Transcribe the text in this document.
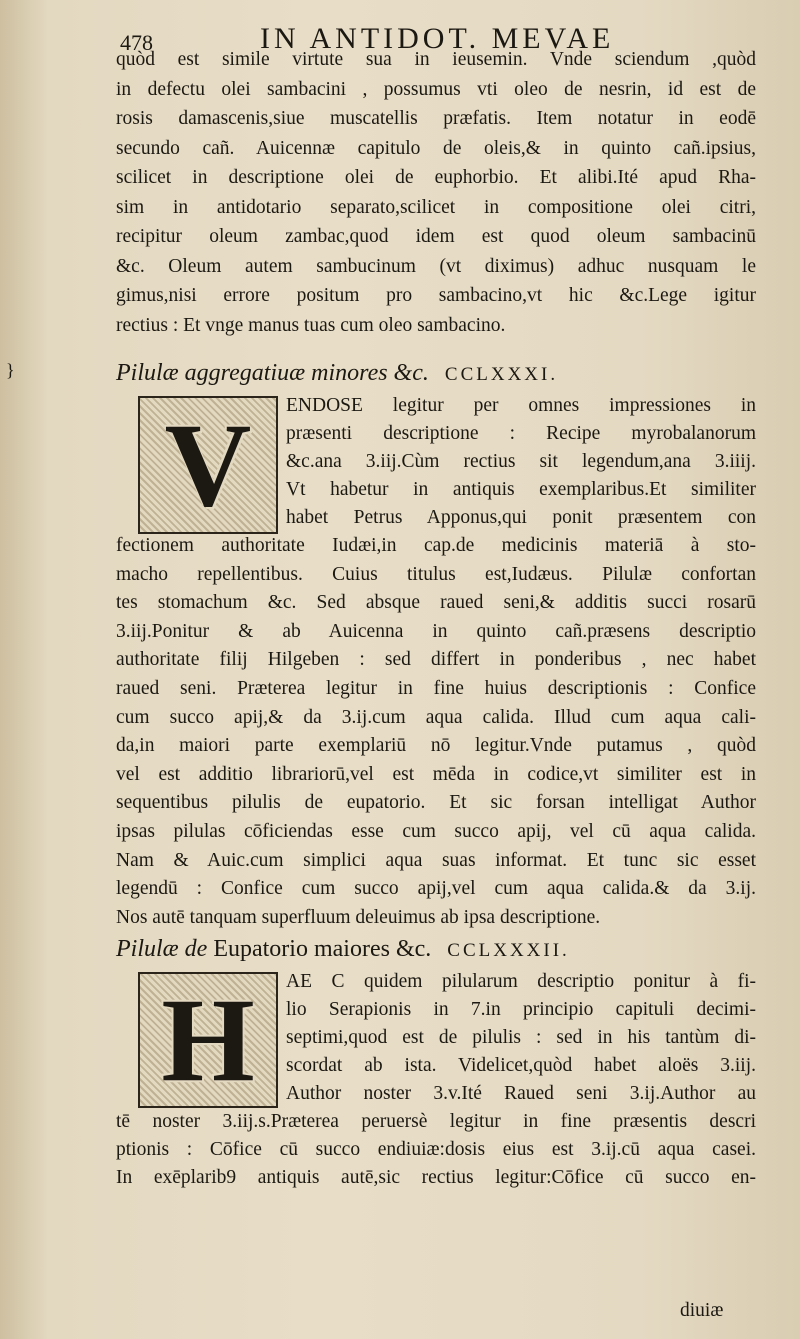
478	IN ANTIDOT. MEVAE
}
quòd est simile virtute sua in ieusemin. Vnde sciendum ,quòd
in defectu olei sambacini , possumus vti oleo de nesrin, id est de
rosis damascenis,siue muscatellis præfatis. Item notatur in eodē
secundo cañ. Auicennæ capitulo de oleis,& in quinto cañ.ipsius,
scilicet in descriptione olei de euphorbio. Et alibi.Ité apud Rha-
sim in antidotario separato,scilicet in compositione olei citri,
recipitur oleum zambac,quod idem est quod oleum sambacinū
&c. Oleum autem sambucinum (vt diximus) adhuc nusquam le
gimus,nisi errore positum pro sambacino,vt hic &c.Lege igitur
rectius : Et vnge manus tuas cum oleo sambacino.
Pilulæ aggregatiuæ minores &c. CCLXXXI.
V ENDOSE legitur per omnes impressiones in
præsenti descriptione : Recipe myrobalanorum
&c.ana 3.iij.Cùm rectius sit legendum,ana 3.iiij.
Vt habetur in antiquis exemplaribus.Et similiter
habet Petrus Apponus,qui ponit præsentem con
fectionem authoritate Iudæi,in cap.de medicinis materiā à sto-
macho repellentibus. Cuius titulus est,Iudæus. Pilulæ confortan
tes stomachum &c. Sed absque raued seni,& additis succi rosarū
3.iij.Ponitur & ab Auicenna in quinto cañ.præsens descriptio
authoritate filij Hilgeben : sed differt in ponderibus , nec habet
raued seni. Præterea legitur in fine huius descriptionis : Confice
cum succo apij,& da 3.ij.cum aqua calida. Illud cum aqua cali-
da,in maiori parte exemplariū nō legitur.Vnde putamus , quòd
vel est additio librariorū,vel est mēda in codice,vt similiter est in
sequentibus pilulis de eupatorio. Et sic forsan intelligat Author
ipsas pilulas cōficiendas esse cum succo apij, vel cū aqua calida.
Nam & Auic.cum simplici aqua suas informat. Et tunc sic esset
legendū : Confice cum succo apij,vel cum aqua calida.& da 3.ij.
Nos autē tanquam superfluum deleuimus ab ipsa descriptione.
Pilulæ de Eupatorio maiores &c. CCLXXXII.
H AE C quidem pilularum descriptio ponitur à fi-
lio Serapionis in 7.in principio capituli decimi-
septimi,quod est de pilulis : sed in his tantùm di-
scordat ab ista. Videlicet,quòd habet aloës 3.iij.
Author noster 3.v.Ité Raued seni 3.ij.Author au
tē noster 3.iij.s.Præterea peruersè legitur in fine præsentis descri
ptionis : Cōfice cū succo endiuiæ:dosis eius est 3.ij.cū aqua casei.
In exēplarib9 antiquis autē,sic rectius legitur:Cōfice cū succo en-
diuiæ
